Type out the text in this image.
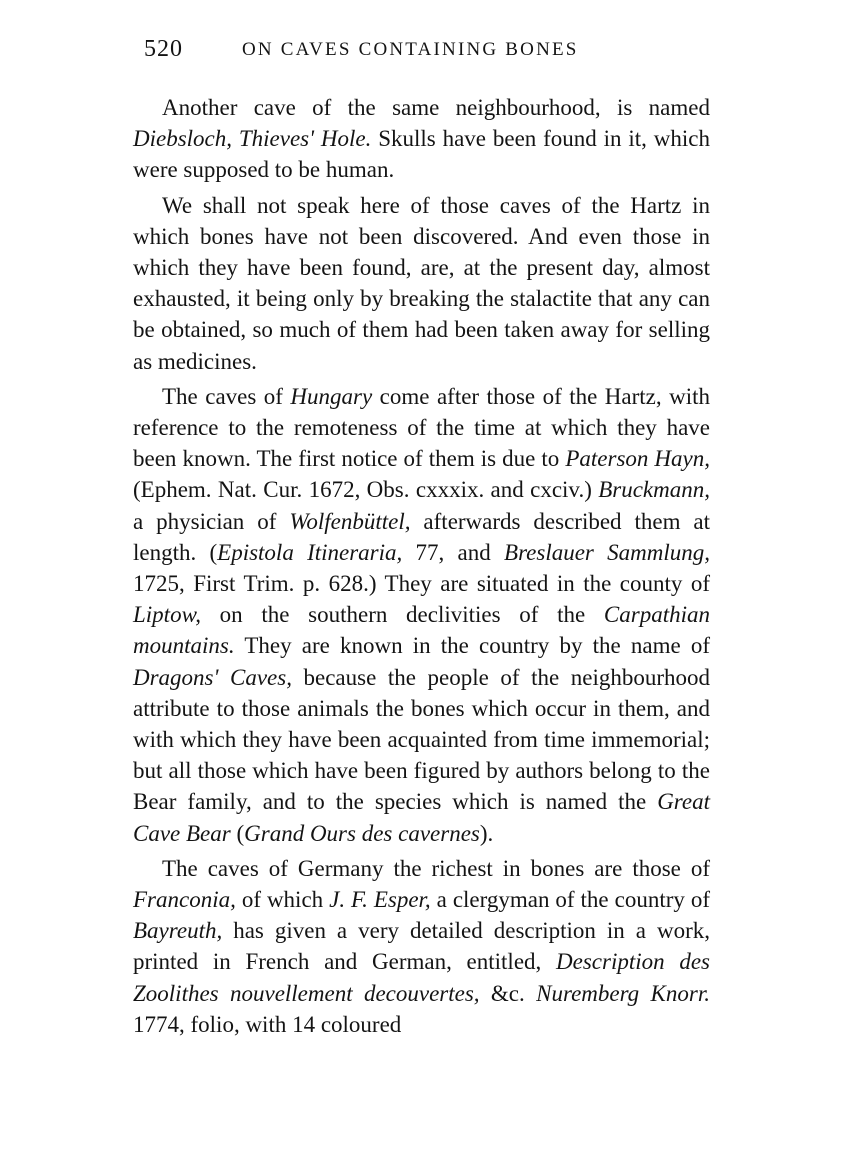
520	ON CAVES CONTAINING BONES

Another cave of the same neighbourhood, is named Diebsloch, Thieves' Hole. Skulls have been found in it, which were supposed to be human.

We shall not speak here of those caves of the Hartz in which bones have not been discovered. And even those in which they have been found, are, at the present day, almost exhausted, it being only by breaking the stalactite that any can be obtained, so much of them had been taken away for selling as medicines.

The caves of Hungary come after those of the Hartz, with reference to the remoteness of the time at which they have been known. The first notice of them is due to Paterson Hayn, (Ephem. Nat. Cur. 1672, Obs. cxxxix. and cxciv.) Bruckmann, a physician of Wolfenbüttel, afterwards described them at length. (Epistola Itineraria, 77, and Breslauer Sammlung, 1725, First Trim. p. 628.) They are situated in the county of Liptow, on the southern declivities of the Carpathian mountains. They are known in the country by the name of Dragons' Caves, because the people of the neighbourhood attribute to those animals the bones which occur in them, and with which they have been acquainted from time immemorial; but all those which have been figured by authors belong to the Bear family, and to the species which is named the Great Cave Bear (Grand Ours des cavernes).

The caves of Germany the richest in bones are those of Franconia, of which J. F. Esper, a clergyman of the country of Bayreuth, has given a very detailed description in a work, printed in French and German, entitled, Description des Zoolithes nouvellement decouvertes, &c. Nuremberg Knorr. 1774, folio, with 14 coloured
